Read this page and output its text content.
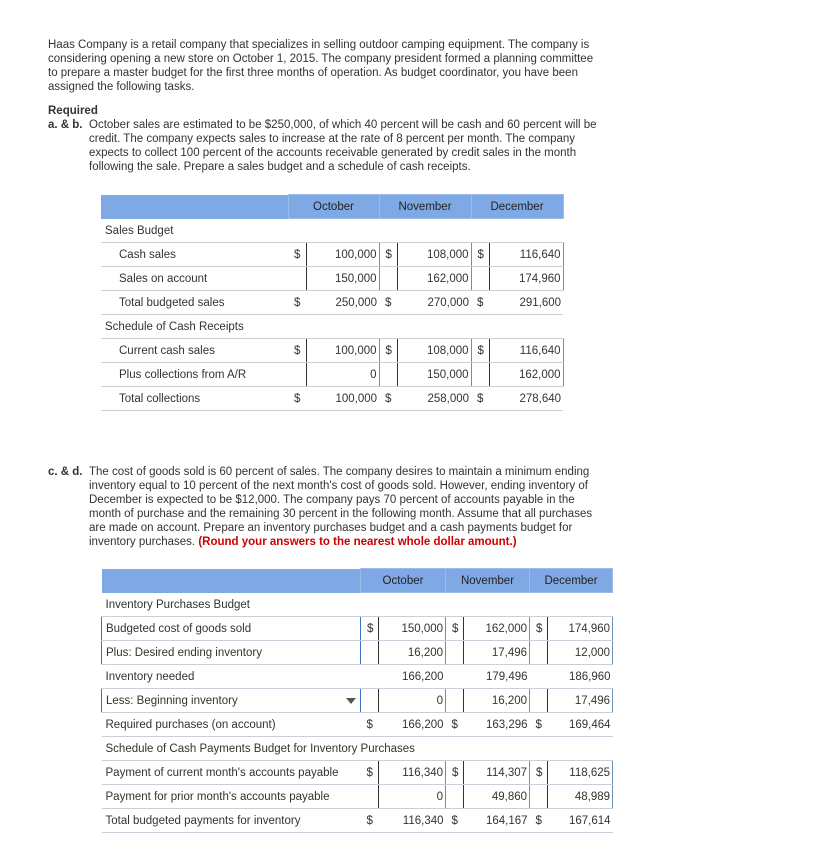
Haas Company is a retail company that specializes in selling outdoor camping equipment. The company is

considering opening a new store on October 1, 2015. The company president formed a planning committee

to prepare a master budget for the first three months of operation. As budget coordinator, you have been

assigned the following tasks.

Required

a. & b. October sales are estimated to be $250,000, of which 40 percent will be cash and 60 percent will be

credit. The company expects sales to increase at the rate of 8 percent per month. The company

expects to collect 100 percent of the accounts receivable generated by credit sales in the month

following the sale. Prepare a sales budget and a schedule of cash receipts.

	October		November		December	
Sales Budget						
Cash sales	$	100,000	$	108,000	$	116,640
Sales on account		150,000		162,000		174,960
Total budgeted sales	$	250,000	$	270,000	$	291,600
Schedule of Cash Receipts						
Current cash sales	$	100,000	$	108,000	$	116,640
Plus collections from A/R		0		150,000		162,000
Total collections	$	100,000	$	258,000	$	278,640

c. & d. The cost of goods sold is 60 percent of sales. The company desires to maintain a minimum ending

inventory equal to 10 percent of the next month's cost of goods sold. However, ending inventory of

December is expected to be $12,000. The company pays 70 percent of accounts payable in the

month of purchase and the remaining 30 percent in the following month. Assume that all purchases

are made on account. Prepare an inventory purchases budget and a cash payments budget for

inventory purchases. (Round your answers to the nearest whole dollar amount.)

	October		November		December	
Inventory Purchases Budget						
Budgeted cost of goods sold	$	150,000	$	162,000	$	174,960
Plus: Desired ending inventory		16,200		17,496		12,000
Inventory needed		166,200		179,496		186,960
Less: Beginning inventory		0		16,200		17,496
Required purchases (on account)	$	166,200	$	163,296	$	169,464
Schedule of Cash Payments Budget for Inventory Purchases						
Payment of current month's accounts payable	$	116,340	$	114,307	$	118,625
Payment for prior month's accounts payable		0		49,860		48,989
Total budgeted payments for inventory	$	116,340	$	164,167	$	167,614
